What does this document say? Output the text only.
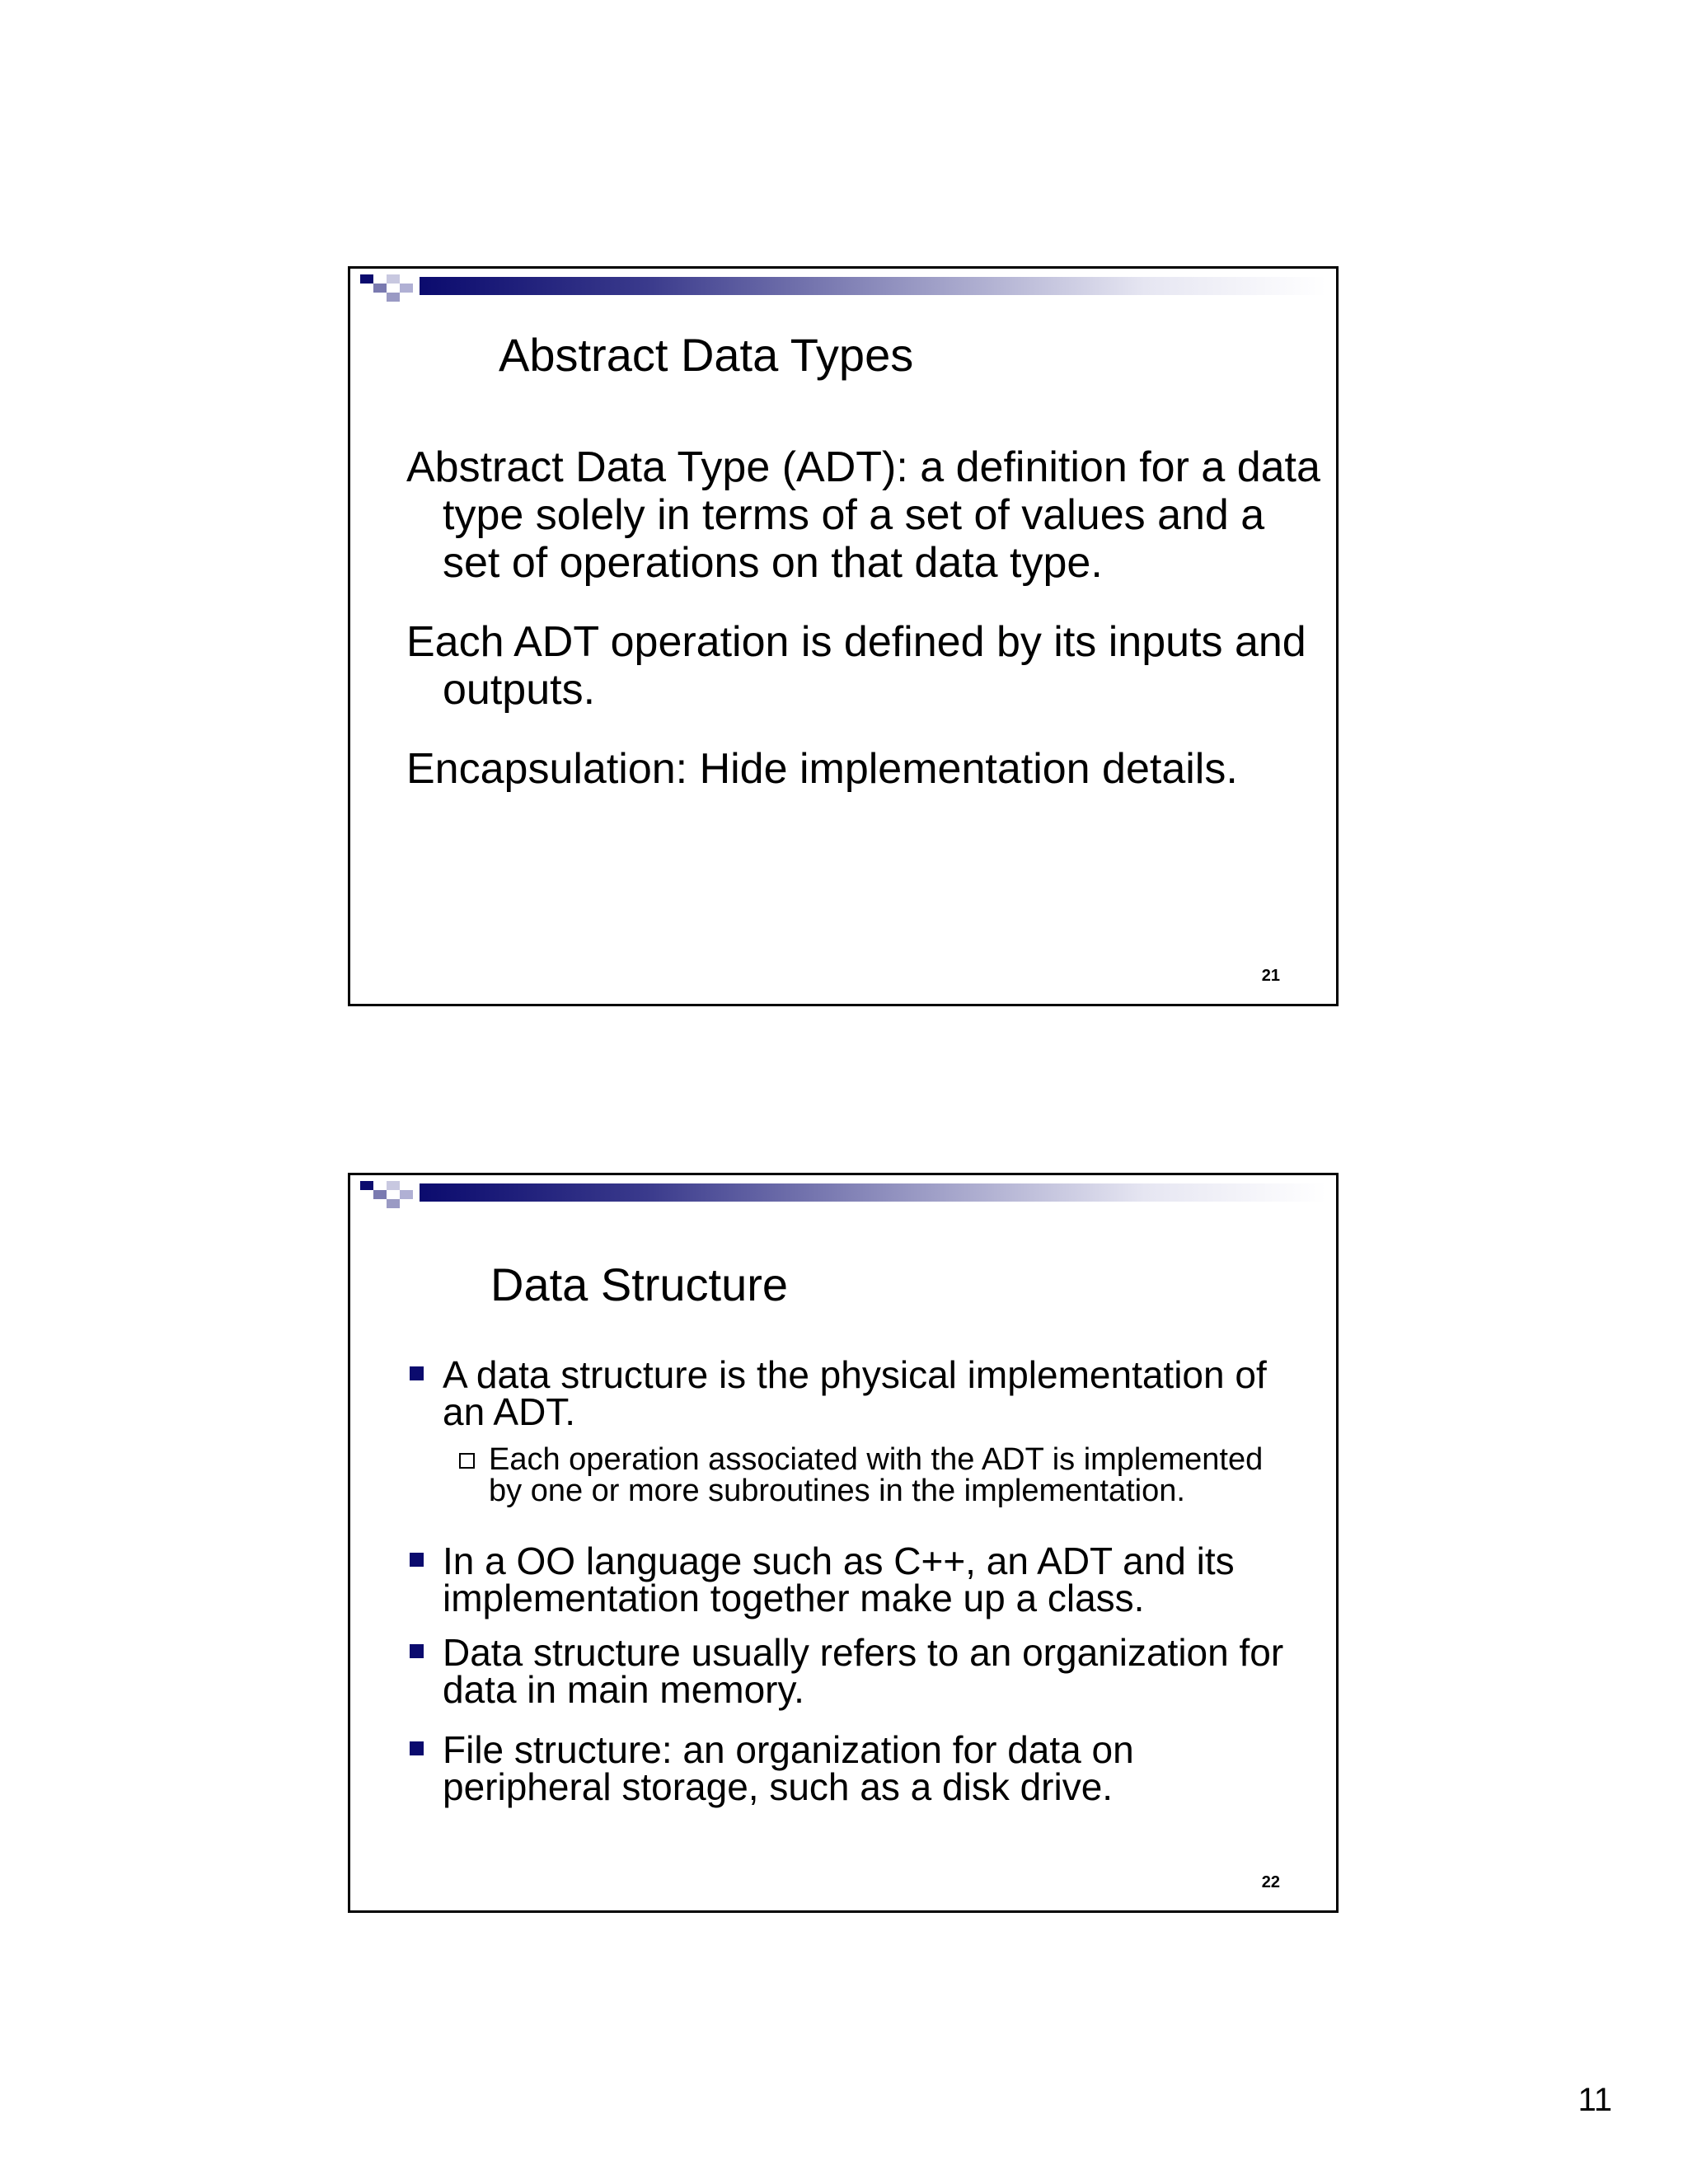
Abstract Data Types

Abstract Data Type (ADT): a definition for a data type solely in terms of a set of values and a set of operations on that data type.

Each ADT operation is defined by its inputs and outputs.

Encapsulation: Hide implementation details.

21
Data Structure
A data structure is the physical implementation of an ADT.
Each operation associated with the ADT is implemented by one or more subroutines in the implementation.
In a OO language such as C++, an ADT and its implementation together make up a class.
Data structure usually refers to an organization for data in main memory.
File structure: an organization for data on peripheral storage, such as a disk drive.
22
11
